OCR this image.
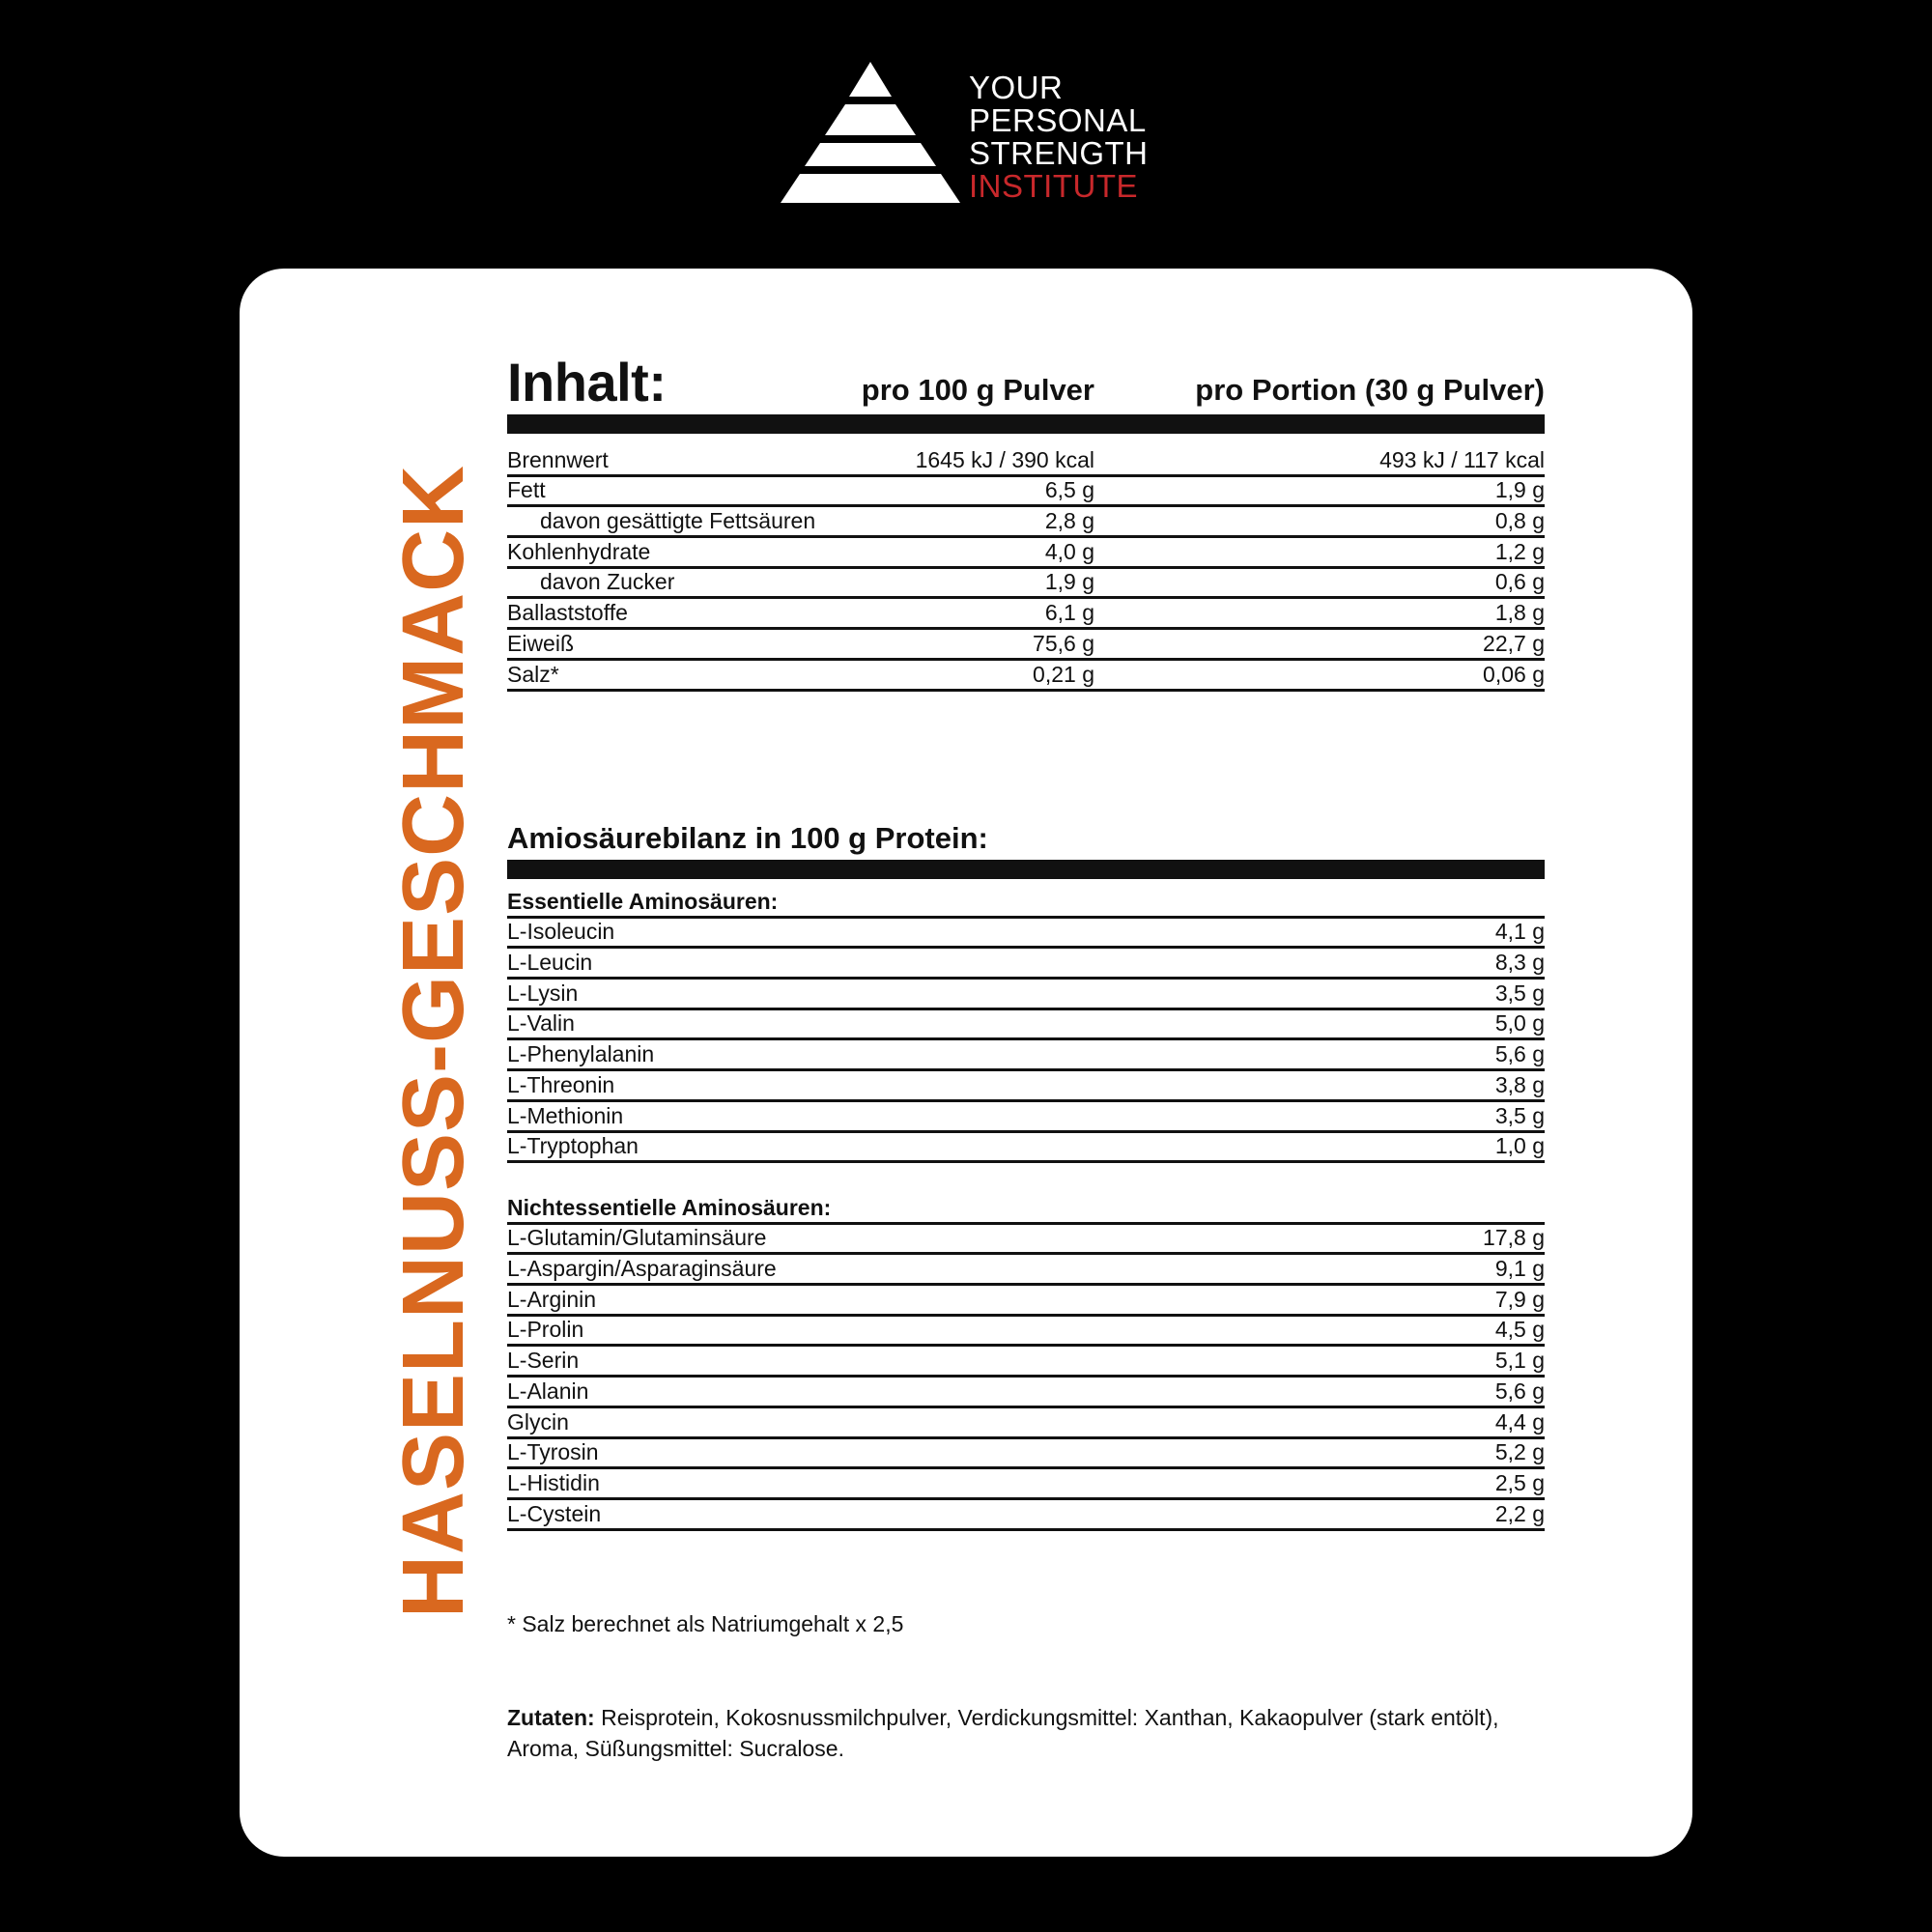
YOUR
PERSONAL
STRENGTH
INSTITUTE
HASELNUSS-GESCHMACK
Inhalt:	pro 100 g Pulver	pro Portion (30 g Pulver)
Brennwert	1645 kJ / 390 kcal	493 kJ / 117 kcal
Fett	6,5 g	1,9 g
davon gesättigte Fettsäuren	2,8 g	0,8 g
Kohlenhydrate	4,0 g	1,2 g
davon Zucker	1,9 g	0,6 g
Ballaststoffe	6,1 g	1,8 g
Eiweiß	75,6 g	22,7 g
Salz*	0,21 g	0,06 g
Amiosäurebilanz in 100 g Protein:
Essentielle Aminosäuren:
L-Isoleucin	4,1 g
L-Leucin	8,3 g
L-Lysin	3,5 g
L-Valin	5,0 g
L-Phenylalanin	5,6 g
L-Threonin	3,8 g
L-Methionin	3,5 g
L-Tryptophan	1,0 g
Nichtessentielle Aminosäuren:
L-Glutamin/Glutaminsäure	17,8 g
L-Aspargin/Asparaginsäure	9,1 g
L-Arginin	7,9 g
L-Prolin	4,5 g
L-Serin	5,1 g
L-Alanin	5,6 g
Glycin	4,4 g
L-Tyrosin	5,2 g
L-Histidin	2,5 g
L-Cystein	2,2 g
* Salz berechnet als Natriumgehalt x 2,5
Zutaten: Reisprotein, Kokosnussmilchpulver, Verdickungsmittel: Xanthan, Kakaopulver (stark entölt), Aroma, Süßungsmittel: Sucralose.
